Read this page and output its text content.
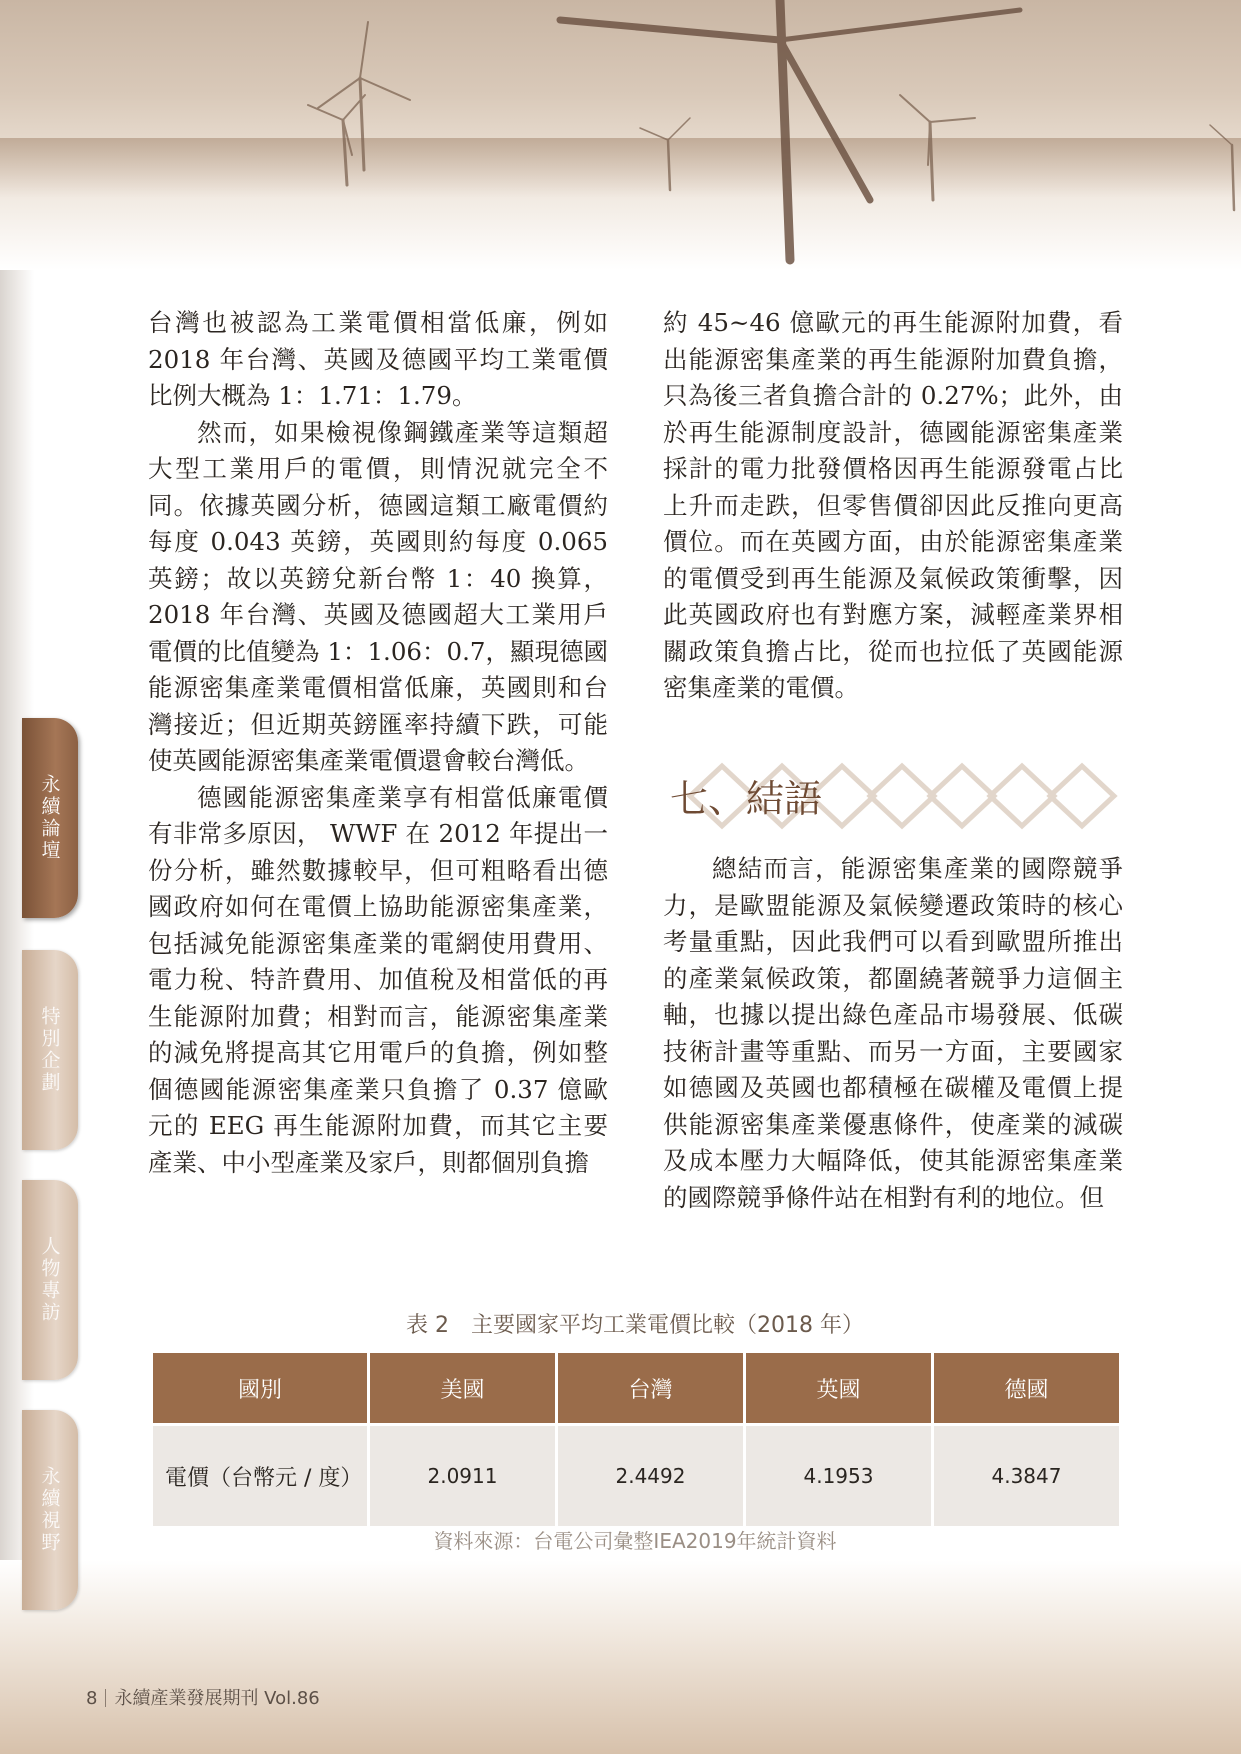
永續論壇
特別企劃
人物專訪
永續視野

台灣也被認為工業電價相當低廉，例如 2018 年台灣、英國及德國平均工業電價比例大概為 1：1.71：1.79。

然而，如果檢視像鋼鐵產業等這類超大型工業用戶的電價，則情況就完全不同。依據英國分析，德國這類工廠電價約每度 0.043 英鎊，英國則約每度 0.065 英鎊；故以英鎊兌新台幣 1：40 換算，2018 年台灣、英國及德國超大工業用戶電價的比值變為 1：1.06：0.7，顯現德國能源密集產業電價相當低廉，英國則和台灣接近；但近期英鎊匯率持續下跌，可能使英國能源密集產業電價還會較台灣低。

德國能源密集產業享有相當低廉電價有非常多原因， WWF 在 2012 年提出一份分析，雖然數據較早，但可粗略看出德國政府如何在電價上協助能源密集產業，包括減免能源密集產業的電網使用費用、電力稅、特許費用、加值稅及相當低的再生能源附加費；相對而言，能源密集產業的減免將提高其它用電戶的負擔，例如整個德國能源密集產業只負擔了 0.37 億歐元的 EEG 再生能源附加費，而其它主要產業、中小型產業及家戶，則都個別負擔

約 45~46 億歐元的再生能源附加費，看出能源密集產業的再生能源附加費負擔，只為後三者負擔合計的 0.27%；此外，由於再生能源制度設計，德國能源密集產業採計的電力批發價格因再生能源發電占比上升而走跌，但零售價卻因此反推向更高價位。而在英國方面，由於能源密集產業的電價受到再生能源及氣候政策衝擊，因此英國政府也有對應方案，減輕產業界相關政策負擔占比，從而也拉低了英國能源密集產業的電價。

七、結語

總結而言，能源密集產業的國際競爭力，是歐盟能源及氣候變遷政策時的核心考量重點，因此我們可以看到歐盟所推出的產業氣候政策，都圍繞著競爭力這個主軸，也據以提出綠色產品市場發展、低碳技術計畫等重點、而另一方面，主要國家如德國及英國也都積極在碳權及電價上提供能源密集產業優惠條件，使產業的減碳及成本壓力大幅降低，使其能源密集產業的國際競爭條件站在相對有利的地位。但

表 2　主要國家平均工業電價比較（2018 年）
國別	美國	台灣	英國	德國
電價（台幣元 / 度）	2.0911	2.4492	4.1953	4.3847
資料來源：台電公司彙整IEA2019年統計資料
8 永續產業發展期刊 Vol.86
